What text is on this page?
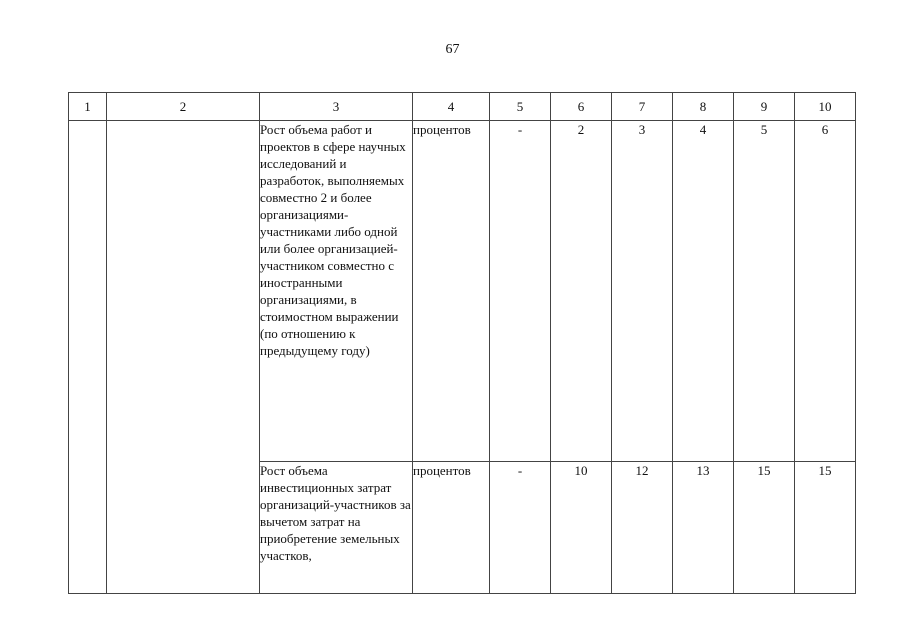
67
1	2	3	4	5	6	7	8	9	10
		Рост объема работ и проектов в сфере научных исследований и разработок, выполняемых совместно 2 и более организациями-участниками либо одной или более организацией-участником совместно с иностранными организациями, в стоимостном выражении (по отношению к предыдущему году)	процентов	-	2	3	4	5	6
		Рост объема инвестиционных затрат организаций-участников за вычетом затрат на приобретение земельных участков,	процентов	-	10	12	13	15	15
